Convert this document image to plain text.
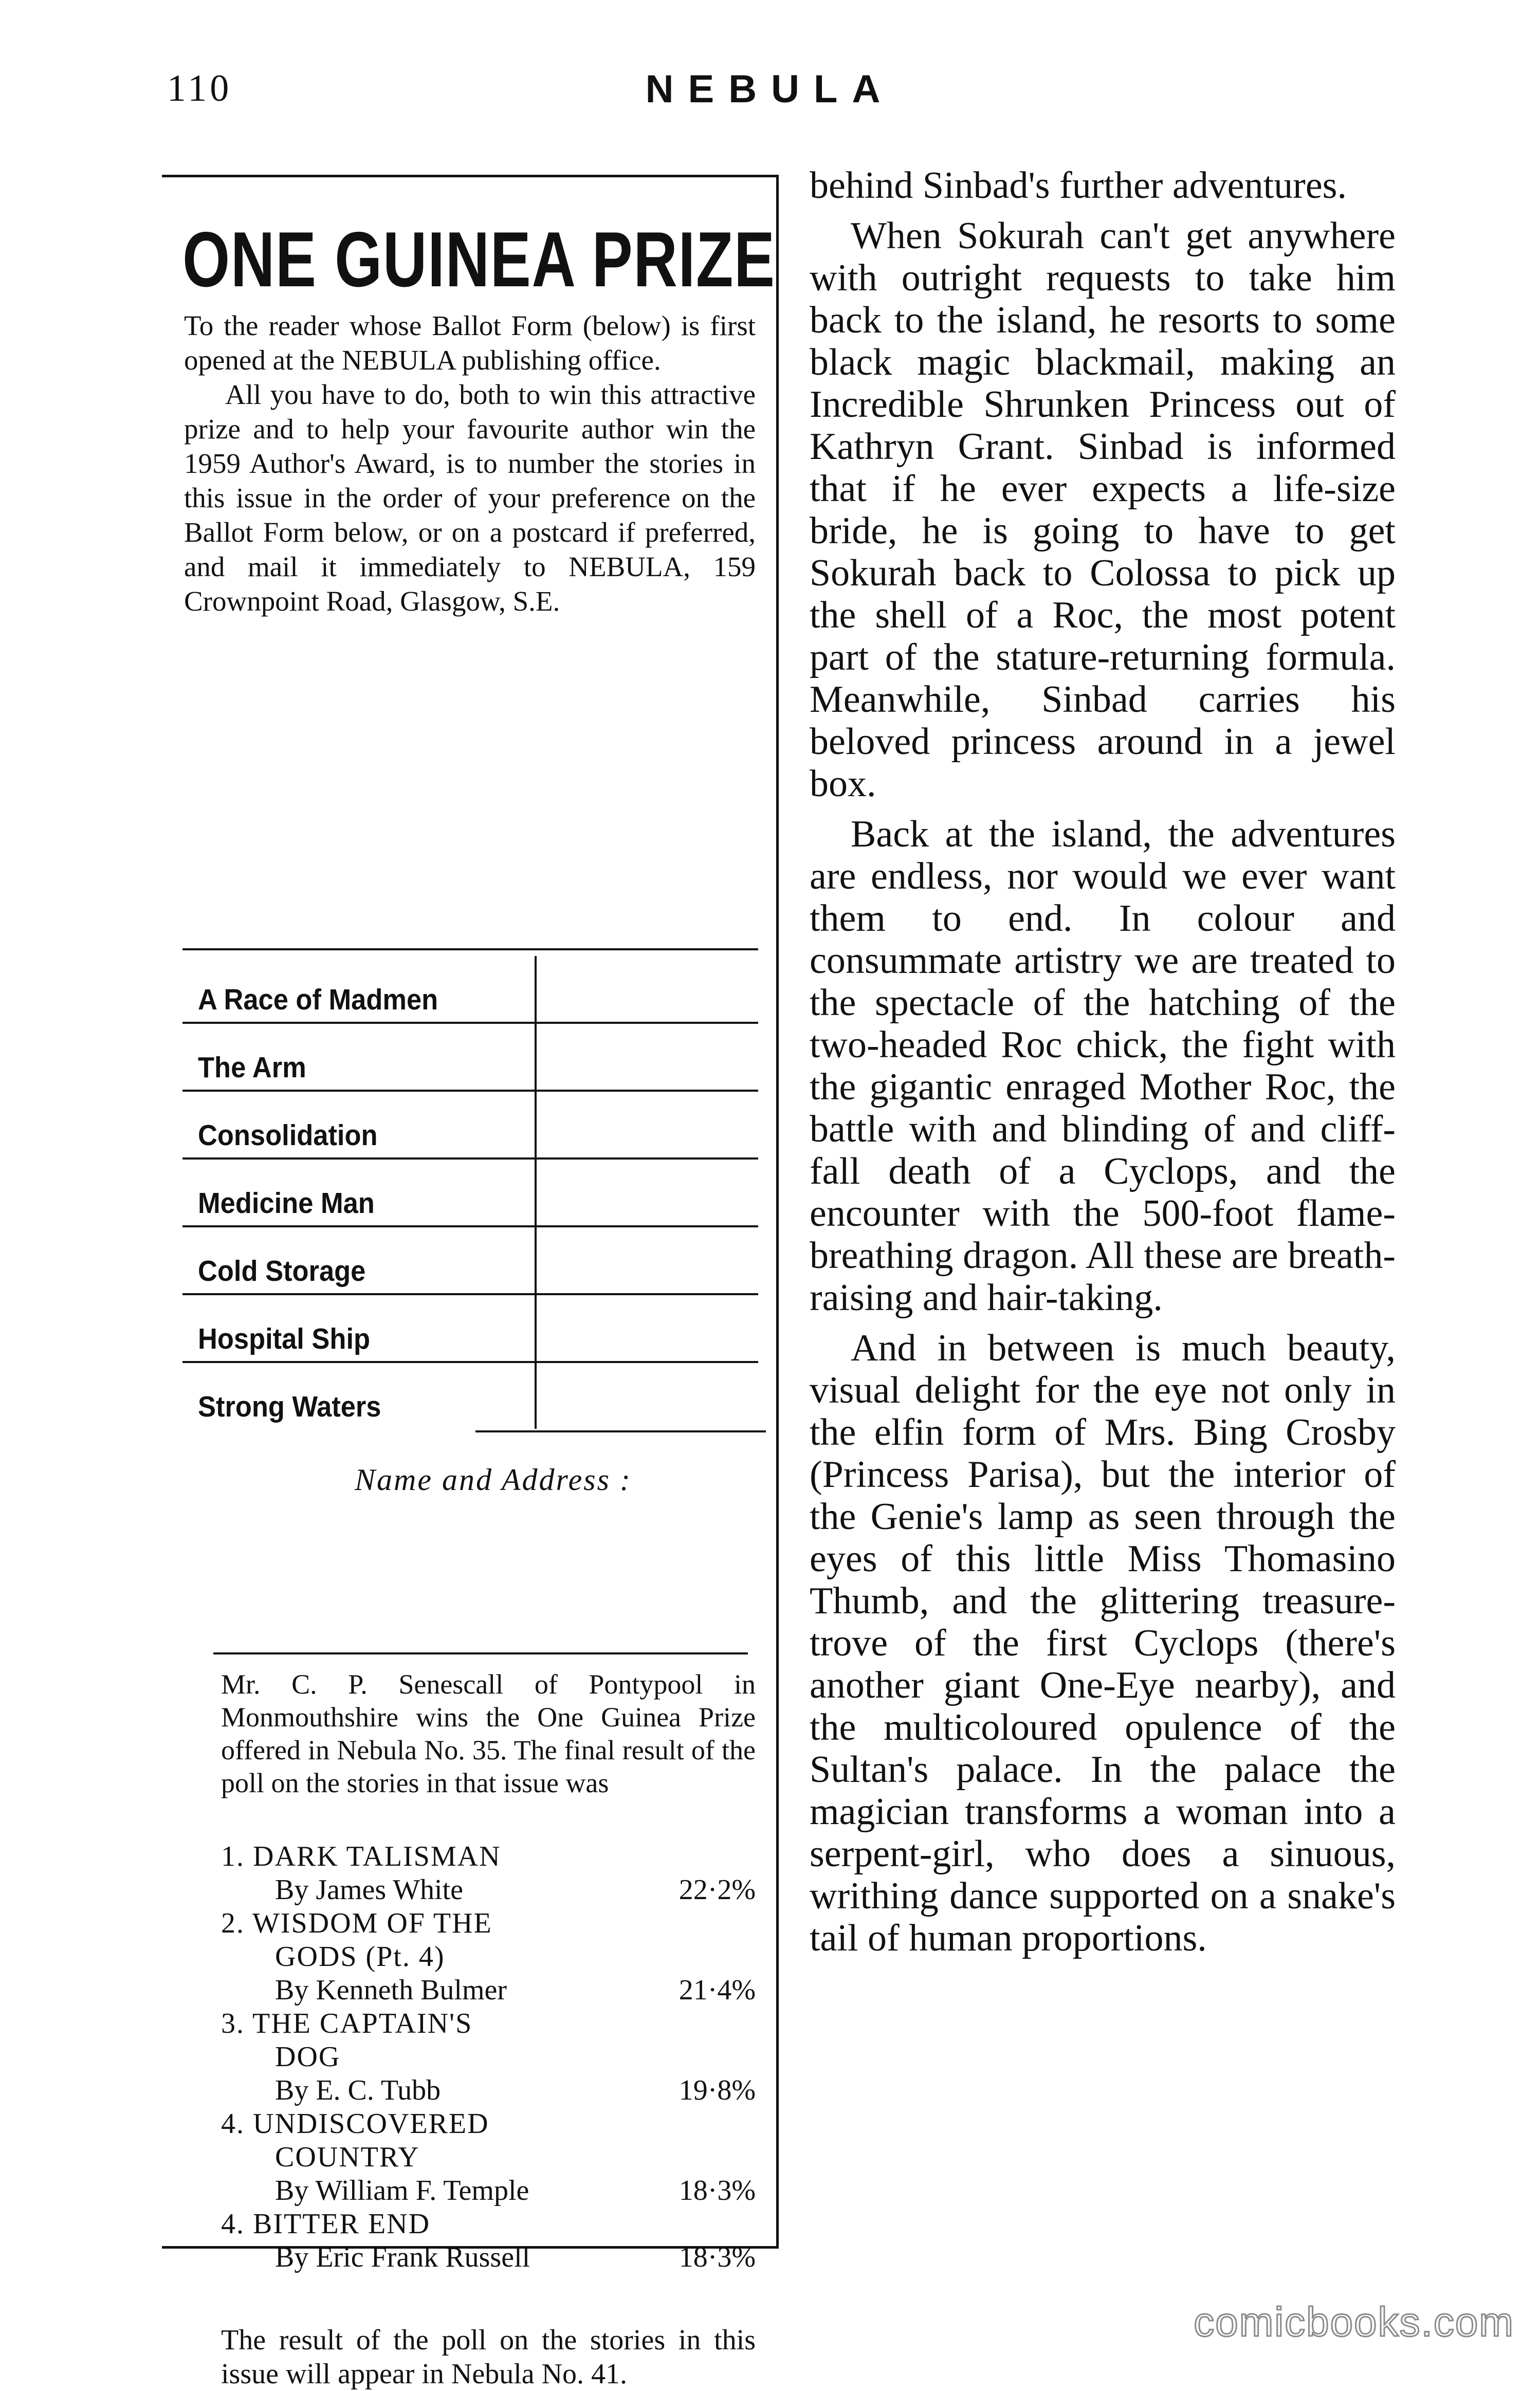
110	NEBULA
ONE GUINEA PRIZE

To the reader whose Ballot Form (below) is first opened at the NEBULA publishing office.

All you have to do, both to win this attractive prize and to help your favourite author win the 1959 Author's Award, is to number the stories in this issue in the order of your preference on the Ballot Form below, or on a postcard if preferred, and mail it immediately to NEBULA, 159 Crownpoint Road, Glasgow, S.E.

A Race of Madmen
The Arm
Consolidation
Medicine Man
Cold Storage
Hospital Ship
Strong Waters
Name and Address :
Mr. C. P. Senescall of Pontypool in Monmouthshire wins the One Guinea Prize offered in Nebula No. 35. The final result of the poll on the stories in that issue was
1. DARK TALISMAN
By James White	22·2%
2. WISDOM OF THE
GODS (Pt. 4)
By Kenneth Bulmer	21·4%
3. THE CAPTAIN'S
DOG
By E. C. Tubb	19·8%
4. UNDISCOVERED
COUNTRY
By William F. Temple	18·3%
4. BITTER END
By Eric Frank Russell	18·3%
The result of the poll on the stories in this issue will appear in Nebula No. 41.

behind Sinbad's further adventures.

When Sokurah can't get anywhere with outright requests to take him back to the island, he resorts to some black magic blackmail, making an Incredible Shrunken Princess out of Kathryn Grant. Sinbad is informed that if he ever expects a life-size bride, he is going to have to get Sokurah back to Colossa to pick up the shell of a Roc, the most potent part of the stature-returning formula. Meanwhile, Sinbad carries his beloved princess around in a jewel box.

Back at the island, the adventures are endless, nor would we ever want them to end. In colour and consummate artistry we are treated to the spectacle of the hatching of the two-headed Roc chick, the fight with the gigantic enraged Mother Roc, the battle with and blinding of and cliff-fall death of a Cyclops, and the encounter with the 500-foot flame-breathing dragon. All these are breath-raising and hair-taking.

And in between is much beauty, visual delight for the eye not only in the elfin form of Mrs. Bing Crosby (Princess Parisa), but the interior of the Genie's lamp as seen through the eyes of this little Miss Thomasino Thumb, and the glittering treasure-trove of the first Cyclops (there's another giant One-Eye nearby), and the multicoloured opulence of the Sultan's palace. In the palace the magician transforms a woman into a serpent-girl, who does a sinuous, writhing dance supported on a snake's tail of human proportions.

comicbooks.com
